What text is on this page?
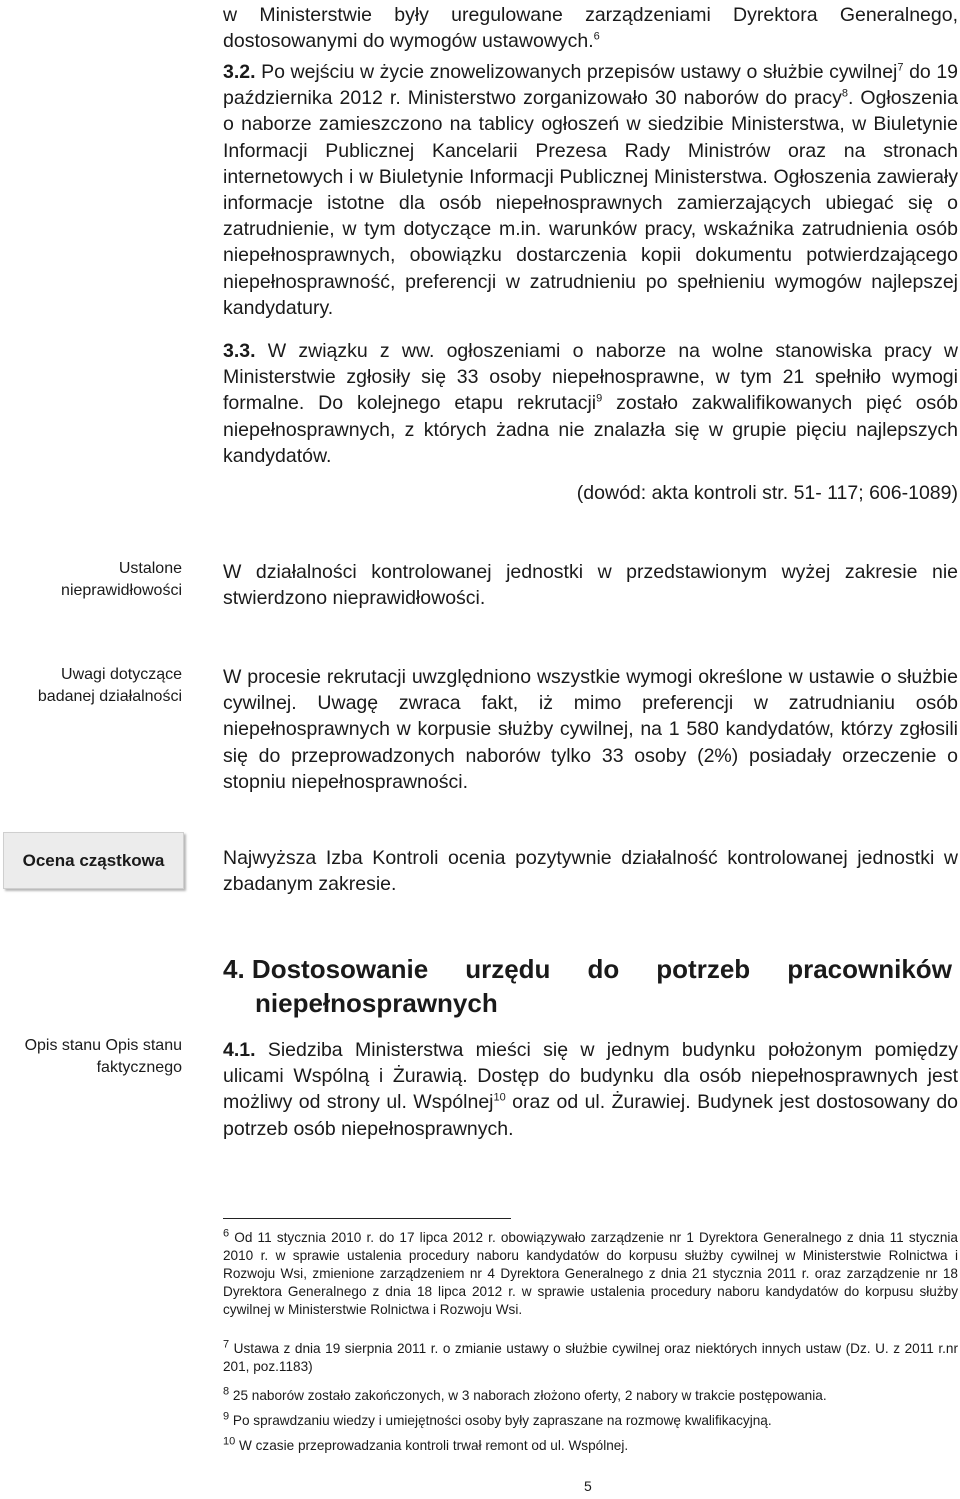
w Ministerstwie były uregulowane zarządzeniami Dyrektora Generalnego, dostosowanymi do wymogów ustawowych.$^6$

3.2. Po wejściu w życie znowelizowanych przepisów ustawy o służbie cywilnej$^7$ do 19 października 2012 r. Ministerstwo zorganizowało 30 naborów do pracy$^8$. Ogłoszenia o naborze zamieszczono na tablicy ogłoszeń w siedzibie Ministerstwa, w Biuletynie Informacji Publicznej Kancelarii Prezesa Rady Ministrów oraz na stronach internetowych i w Biuletynie Informacji Publicznej Ministerstwa. Ogłoszenia zawierały informacje istotne dla osób niepełnosprawnych zamierzających ubiegać się o zatrudnienie, w tym dotyczące m.in. warunków pracy, wskaźnika zatrudnienia osób niepełnosprawnych, obowiązku dostarczenia kopii dokumentu potwierdzającego niepełnosprawność, preferencji w zatrudnieniu po spełnieniu wymogów najlepszej kandydatury.

3.3. W związku z ww. ogłoszeniami o naborze na wolne stanowiska pracy w Ministerstwie zgłosiły się 33 osoby niepełnosprawne, w tym 21 spełniło wymogi formalne. Do kolejnego etapu rekrutacji$^9$ zostało zakwalifikowanych pięć osób niepełnosprawnych, z których żadna nie znalazła się w grupie pięciu najlepszych kandydatów.

(dowód: akta kontroli str. 51- 117; 606-1089)

Ustalone nieprawidłowości

W działalności kontrolowanej jednostki w przedstawionym wyżej zakresie nie stwierdzono nieprawidłowości.

Uwagi dotyczące badanej działalności

W procesie rekrutacji uwzględniono wszystkie wymogi określone w ustawie o służbie cywilnej. Uwagę zwraca fakt, iż mimo preferencji w zatrudnianiu osób niepełnosprawnych w korpusie służby cywilnej, na 1 580 kandydatów, którzy zgłosili się do przeprowadzonych naborów tylko 33 osoby (2%) posiadały orzeczenie o stopniu niepełnosprawności.

Ocena cząstkowa	Najwyższa Izba Kontroli ocenia pozytywnie działalność kontrolowanej jednostki w zbadanym zakresie.

4. Dostosowanie urzędu do potrzeb pracowników
niepełnosprawnych

Opis stanu Opis stanu faktycznego

4.1. Siedziba Ministerstwa mieści się w jednym budynku położonym pomiędzy ulicami Wspólną i Żurawią. Dostęp do budynku dla osób niepełnosprawnych jest możliwy od strony ul. Wspólnej$^{10}$ oraz od ul. Żurawiej. Budynek jest dostosowany do potrzeb osób niepełnosprawnych.

$^6$ Od 11 stycznia 2010 r. do 17 lipca 2012 r. obowiązywało zarządzenie nr 1 Dyrektora Generalnego z dnia 11 stycznia 2010 r. w sprawie ustalenia procedury naboru kandydatów do korpusu służby cywilnej w Ministerstwie Rolnictwa i Rozwoju Wsi, zmienione zarządzeniem nr 4 Dyrektora Generalnego z dnia 21 stycznia 2011 r. oraz zarządzenie nr 18 Dyrektora Generalnego z dnia 18 lipca 2012 r. w sprawie ustalenia procedury naboru kandydatów do korpusu służby cywilnej w Ministerstwie Rolnictwa i Rozwoju Wsi.

$^7$ Ustawa z dnia 19 sierpnia 2011 r. o zmianie ustawy o służbie cywilnej oraz niektórych innych ustaw (Dz. U. z 2011 r.nr 201, poz.1183)

$^8$ 25 naborów zostało zakończonych, w 3 naborach złożono oferty, 2 nabory w trakcie postępowania.

$^9$ Po sprawdzaniu wiedzy i umiejętności osoby były zapraszane na rozmowę kwalifikacyjną.

$^{10}$ W czasie przeprowadzania kontroli trwał remont od ul. Wspólnej.

5
